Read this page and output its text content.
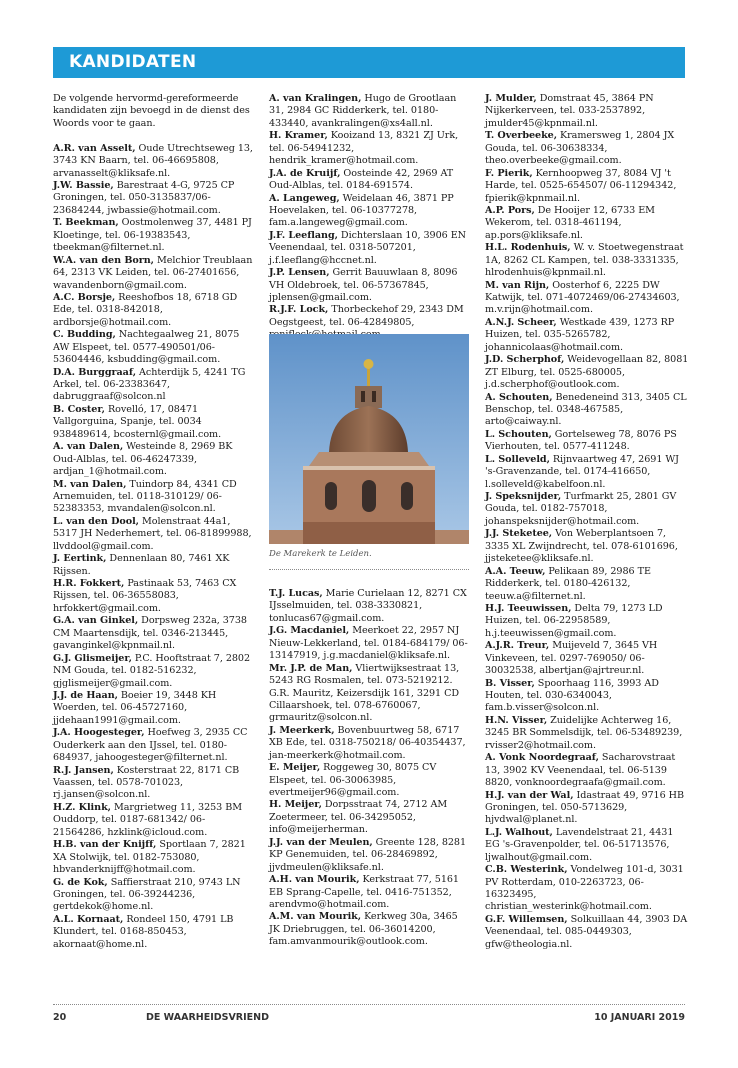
KANDIDATEN

De volgende hervormd-gereformeerde kandidaten zijn bevoegd in de dienst des Woords voor te gaan.

A.R. van Asselt, Oude Utrechtseweg 13, 3743 KN Baarn, tel. 06-46695808, arvanasselt@kliksafe.nl.

J.W. Bassie, Barestraat 4-G, 9725 CP Groningen, tel. 050-3135837/06-23684244, jwbassie@hotmail.com.

T. Beekman, Oostmolenweg 37, 4481 PJ Kloetinge, tel. 06-19383543, tbeekman@filternet.nl.

W.A. van den Born, Melchior Treublaan 64, 2313 VK Leiden, tel. 06-27401656, wavandenborn@gmail.com.

A.C. Borsje, Reeshofbos 18, 6718 GD Ede, tel. 0318-842018, ardborsje@hotmail.com.

C. Budding, Nachtegaalweg 21, 8075 AW Elspeet, tel. 0577-490501/06-53604446, ksbudding@gmail.com.

D.A. Burggraaf, Achterdijk 5, 4241 TG Arkel, tel. 06-23383647, dabruggraaf@solcon.nl

B. Coster, Rovelló, 17, 08471 Vallgorguina, Spanje, tel. 0034 938489614, bcosternl@gmail.com.

A. van Dalen, Westeinde 8, 2969 BK Oud-Alblas, tel. 06-46247339, ardjan_1@hotmail.com.

M. van Dalen, Tuindorp 84, 4341 CD Arnemuiden, tel. 0118-310129/ 06-52383353, mvandalen@solcon.nl.

L. van den Dool, Molenstraat 44a1, 5317 JH Nederhemert, tel. 06-81899988, llvddool@gmail.com.

J. Eertink, Dennenlaan 80, 7461 XK Rijssen.

H.R. Fokkert, Pastinaak 53, 7463 CX Rijssen, tel. 06-36558083, hrfokkert@gmail.com.

G.A. van Ginkel, Dorpsweg 232a, 3738 CM Maartensdijk, tel. 0346-213445, gavanginkel@kpnmail.nl.

G.J. Glismeijer, P.C. Hooftstraat 7, 2802 NM Gouda, tel. 0182-516232, gjglismeijer@gmail.com.

J.J. de Haan, Boeier 19, 3448 KH Woerden, tel. 06-45727160, jjdehaan1991@gmail.com.

J.A. Hoogesteger, Hoefweg 3, 2935 CC Ouderkerk aan den IJssel, tel. 0180-684937, jahoogesteger@filternet.nl.

R.J. Jansen, Kosterstraat 22, 8171 CB Vaassen, tel. 0578-701023, rj.jansen@solcon.nl.

H.Z. Klink, Margrietweg 11, 3253 BM Ouddorp, tel. 0187-681342/ 06-21564286, hzklink@icloud.com.

H.B. van der Knijff, Sportlaan 7, 2821 XA Stolwijk, tel. 0182-753080, hbvanderknijff@hotmail.com.

G. de Kok, Saffierstraat 210, 9743 LN Groningen, tel. 06-39244236, gertdekok@home.nl.

A.L. Kornaat, Rondeel 150, 4791 LB Klundert, tel. 0168-850453, akornaat@home.nl.

A. van Kralingen, Hugo de Grootlaan 31, 2984 GC Ridderkerk, tel. 0180-433440, avankralingen@xs4all.nl.

H. Kramer, Kooizand 13, 8321 ZJ Urk, tel. 06-54941232, hendrik_kramer@hotmail.com.

J.A. de Kruijf, Oosteinde 42, 2969 AT Oud-Alblas, tel. 0184-691574.

A. Langeweg, Weidelaan 46, 3871 PP Hoevelaken, tel. 06-10377278, fam.a.langeweg@gmail.com.

J.F. Leeflang, Dichterslaan 10, 3906 EN Veenendaal, tel. 0318-507201, j.f.leeflang@hccnet.nl.

J.P. Lensen, Gerrit Bauuwlaan 8, 8096 VH Oldebroek, tel. 06-57367845, jplensen@gmail.com.

R.J.F. Lock, Thorbeckehof 29, 2343 DM Oegstgeest, tel. 06-42849805,

De Marekerk te Leiden.

T.J. Lucas, Marie Curielaan 12, 8271 CX IJsselmuiden, tel. 038-3330821, tonlucas67@gmail.com.

J.G. Macdaniel, Meerkoet 22, 2957 NJ Nieuw-Lekkerland, tel. 0184-684179/ 06-13147919, j.g.macdaniel@kliksafe.nl.

Mr. J.P. de Man, Vliertwijksestraat 13, 5243 RG Rosmalen, tel. 073-5219212.

G.R. Mauritz, Keizersdijk 161, 3291 CD Cillaarshoek, tel. 078-6760067, grmauritz@solcon.nl.

J. Meerkerk, Bovenbuurtweg 58, 6717 XB Ede, tel. 0318-750218/ 06-40354437, jan-meerkerk@hotmail.com.

E. Meijer, Roggeweg 30, 8075 CV Elspeet, tel. 06-30063985, evertmeijer96@gmail.com.

H. Meijer, Dorpsstraat 74, 2712 AM Zoetermeer, tel. 06-34295052, info@meijerherman.

J.J. van der Meulen, Greente 128, 8281 KP Genemuiden, tel. 06-28469892, jjvdmeulen@kliksafe.nl.

A.H. van Mourik, Kerkstraat 77, 5161 EB Sprang-Capelle, tel. 0416-751352, arendvmo@hotmail.com.

A.M. van Mourik, Kerkweg 30a, 3465 JK Driebruggen, tel. 06-36014200, fam.amvanmourik@outlook.com.

J. Mulder, Domstraat 45, 3864 PN Nijkerkerveen, tel. 033-2537892, jmulder45@kpnmail.nl.

T. Overbeeke, Kramersweg 1, 2804 JX Gouda, tel. 06-30638334, theo.overbeeke@gmail.com.

F. Pierik, Kernhoopweg 37, 8084 VJ 't Harde, tel. 0525-654507/ 06-11294342, fpierik@kpnmail.nl.

A.P. Pors, De Hooijer 12, 6733 EM Wekerom, tel. 0318-461194, ap.pors@kliksafe.nl.

H.L. Rodenhuis, W. v. Stoetwegenstraat 1A, 8262 CL Kampen, tel. 038-3331335, hlrodenhuis@kpnmail.nl.

M. van Rijn, Oosterhof 6, 2225 DW Katwijk, tel. 071-4072469/06-27434603, m.v.rijn@hotmail.com.

A.N.J. Scheer, Westkade 439, 1273 RP Huizen, tel. 035-5265782, johannicolaas@hotmail.com.

J.D. Scherphof, Weidevogellaan 82, 8081 ZT Elburg, tel. 0525-680005, j.d.scherphof@outlook.com.

A. Schouten, Benedeneind 313, 3405 CL Benschop, tel. 0348-467585, arto@caiway.nl.

L. Schouten, Gortelseweg 78, 8076 PS Vierhouten, tel. 0577-411248.

L. Solleveld, Rijnvaartweg 47, 2691 WJ 's-Gravenzande, tel. 0174-416650, l.solleveld@kabelfoon.nl.

J. Speksnijder, Turfmarkt 25, 2801 GV Gouda, tel. 0182-757018, johanspeksnijder@hotmail.com.

J.J. Steketee, Von Weberplantsoen 7, 3335 XL Zwijndrecht, tel. 078-6101696, jjsteketee@kliksafe.nl.

A.A. Teeuw, Pelikaan 89, 2986 TE Ridderkerk, tel. 0180-426132, teeuw.a@filternet.nl.

H.J. Teeuwissen, Delta 79, 1273 LD Huizen, tel. 06-22958589, h.j.teeuwissen@gmail.com.

A.J.R. Treur, Muijeveld 7, 3645 VH Vinkeveen, tel. 0297-769050/ 06-30032538, albertjan@ajrtreur.nl.

B. Visser, Spoorhaag 116, 3993 AD Houten, tel. 030-6340043, fam.b.visser@solcon.nl.

H.N. Visser, Zuidelijke Achterweg 16, 3245 BR Sommelsdijk, tel. 06-53489239, rvisser2@hotmail.com.

A. Vonk Noordegraaf, Sacharovstraat 13, 3902 KV Veenendaal, tel. 06-5139 8820, vonknoordegraafa@gmail.com.

H.J. van der Wal, Idastraat 49, 9716 HB Groningen, tel. 050-5713629, hjvdwal@planet.nl.

L.J. Walhout, Lavendelstraat 21, 4431 EG 's-Gravenpolder, tel. 06-51713576, ljwalhout@gmail.com.

C.B. Westerink, Vondelweg 101-d, 3031 PV Rotterdam, 010-2263723, 06-16323495, christian_westerink@hotmail.com.

G.F. Willemsen, Solkuillaan 44, 3903 DA Veenendaal, tel. 085-0449303, gfw@theologia.nl.

20	DE WAARHEIDSVRIEND	10 JANUARI 2019
